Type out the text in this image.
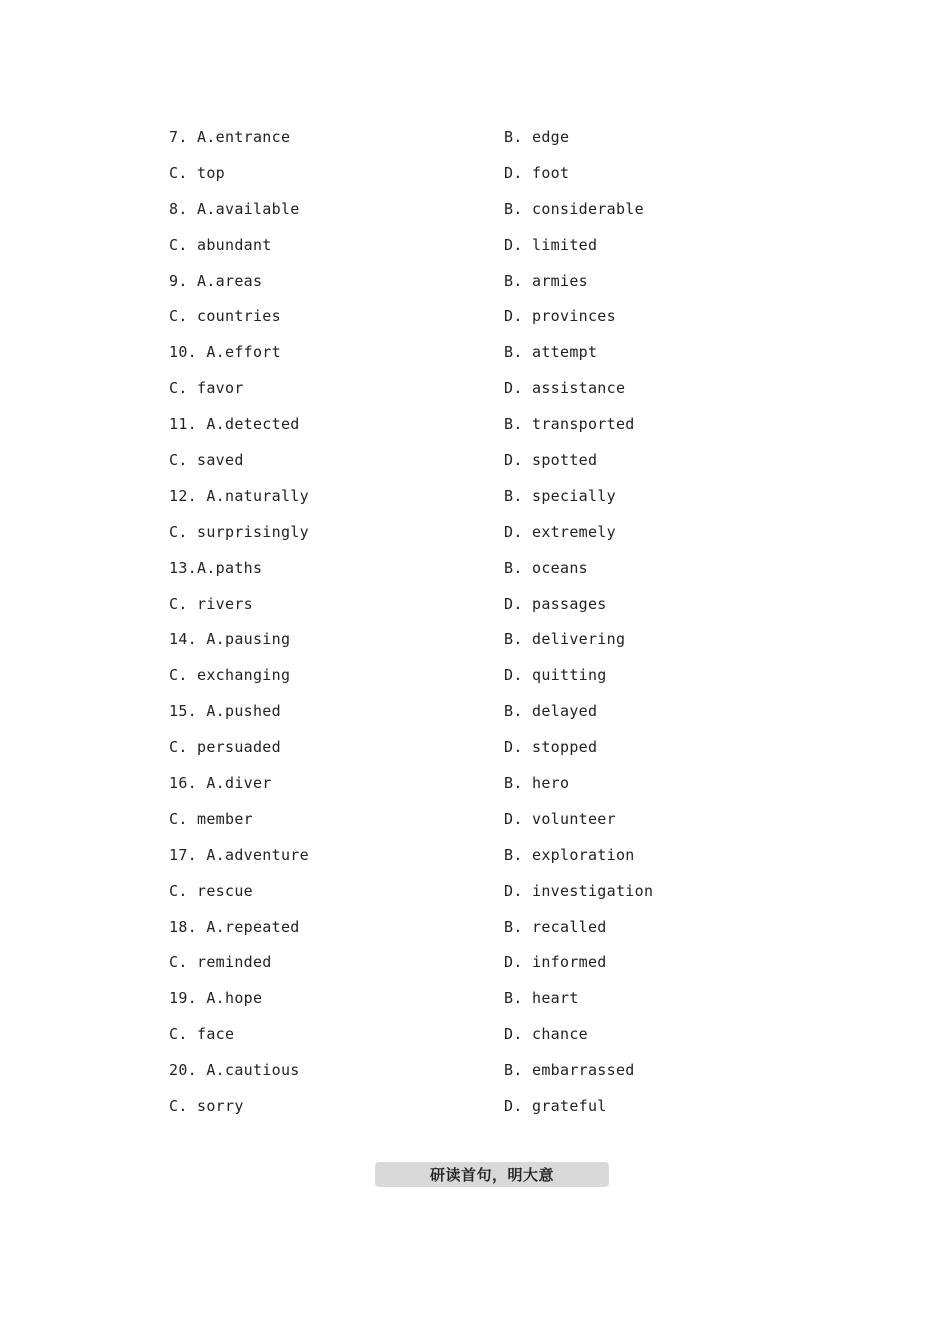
7. A.entrance	B. edge
C. top	D. foot
8. A.available	B. considerable
C. abundant	D. limited
9. A.areas	B. armies
C. countries	D. provinces
10. A.effort	B. attempt
C. favor	D. assistance
11. A.detected	B. transported
C. saved	D. spotted
12. A.naturally	B. specially
C. surprisingly	D. extremely
13.A.paths	B. oceans
C. rivers	D. passages
14. A.pausing	B. delivering
C. exchanging	D. quitting
15. A.pushed	B. delayed
C. persuaded	D. stopped
16. A.diver	B. hero
C. member	D. volunteer
17. A.adventure	B. exploration
C. rescue	D. investigation
18. A.repeated	B. recalled
C. reminded	D. informed
19. A.hope	B. heart
C. face	D. chance
20. A.cautious	B. embarrassed
C. sorry	D. grateful
研读首句，明大意
